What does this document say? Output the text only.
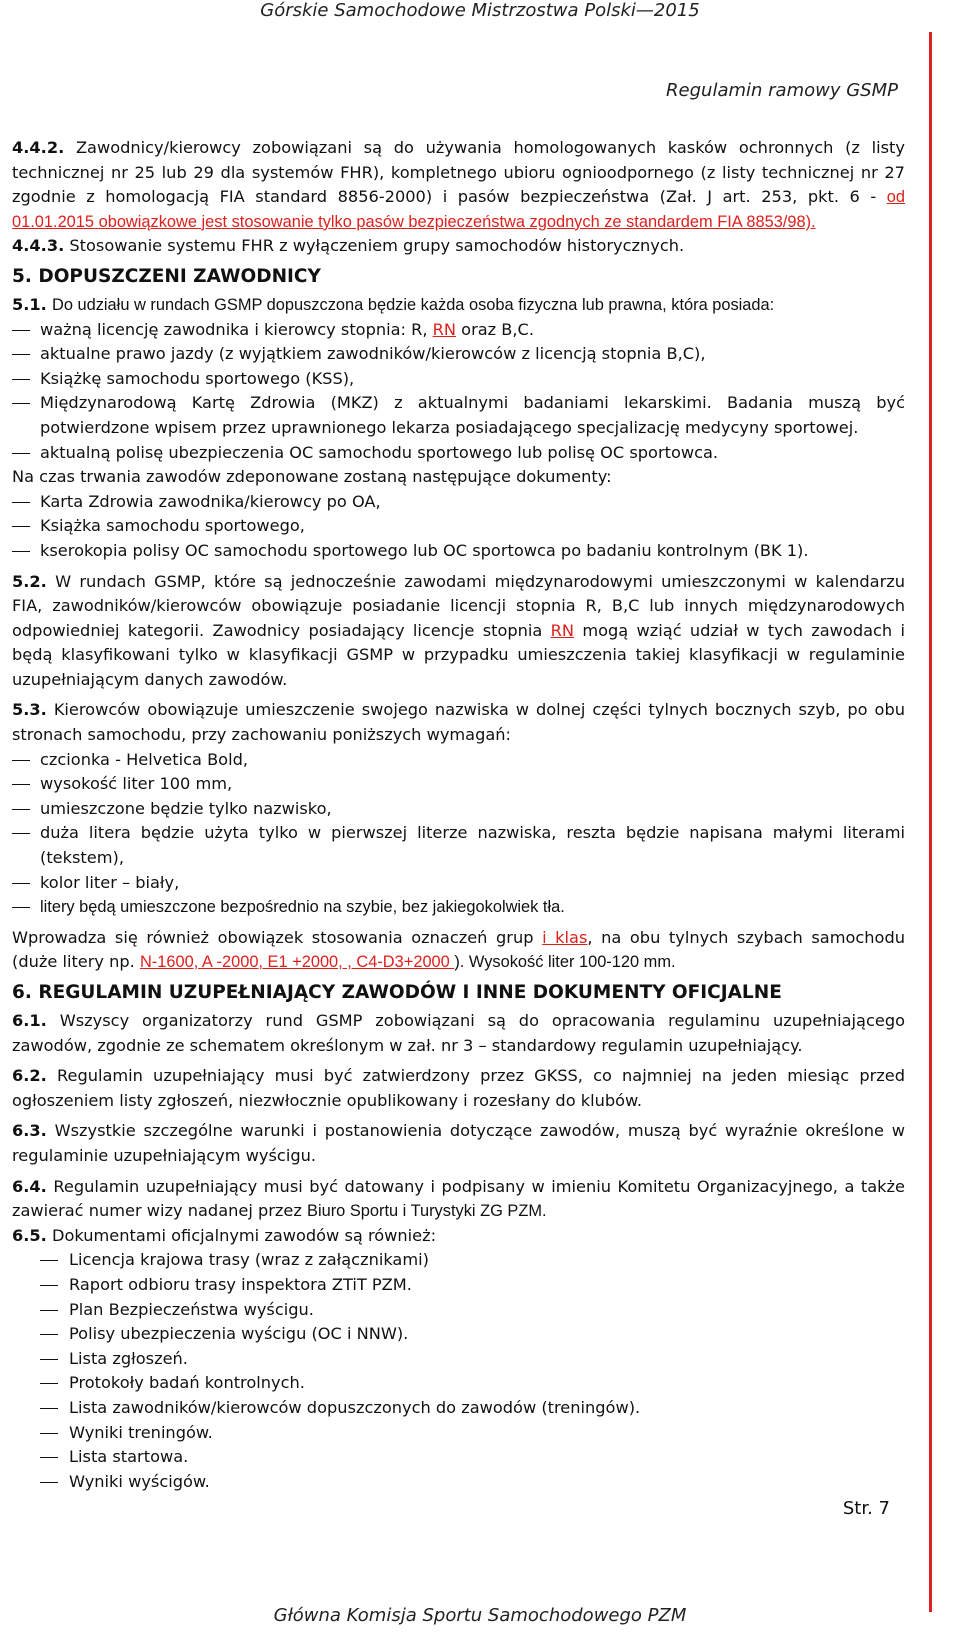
Górskie Samochodowe Mistrzostwa Polski—2015
Regulamin ramowy GSMP

4.4.2. Zawodnicy/kierowcy zobowiązani są do używania homologowanych kasków ochronnych (z listy technicznej nr 25 lub 29 dla systemów FHR), kompletnego ubioru ognioodpornego (z listy technicznej nr 27 zgodnie z homologacją FIA standard 8856-2000) i pasów bezpieczeństwa (Zał. J art. 253, pkt. 6 - od 01.01.2015 obowiązkowe jest stosowanie tylko pasów bezpieczeństwa zgodnych ze standardem FIA 8853/98).

4.4.3. Stosowanie systemu FHR z wyłączeniem grupy samochodów historycznych.

5. DOPUSZCZENI ZAWODNICY

5.1. Do udziału w rundach GSMP dopuszczona będzie każda osoba fizyczna lub prawna, która posiada:

ważną licencję zawodnika i kierowcy stopnia: R, RN oraz B,C.
aktualne prawo jazdy (z wyjątkiem zawodników/kierowców z licencją stopnia B,C),
Książkę samochodu sportowego (KSS),
Międzynarodową Kartę Zdrowia (MKZ) z aktualnymi badaniami lekarskimi. Badania muszą być potwierdzone wpisem przez uprawnionego lekarza posiadającego specjalizację medycyny sportowej.
aktualną polisę ubezpieczenia OC samochodu sportowego lub polisę OC sportowca.

Na czas trwania zawodów zdeponowane zostaną następujące dokumenty:

Karta Zdrowia zawodnika/kierowcy po OA,
Książka samochodu sportowego,
kserokopia polisy OC samochodu sportowego lub OC sportowca po badaniu kontrolnym (BK 1).

5.2. W rundach GSMP, które są jednocześnie zawodami międzynarodowymi umieszczonymi w kalendarzu FIA, zawodników/kierowców obowiązuje posiadanie licencji stopnia R, B,C lub innych międzynarodowych odpowiedniej kategorii. Zawodnicy posiadający licencje stopnia RN mogą wziąć udział w tych zawodach i będą klasyfikowani tylko w klasyfikacji GSMP w przypadku umieszczenia takiej klasyfikacji w regulaminie uzupełniającym danych zawodów.

5.3. Kierowców obowiązuje umieszczenie swojego nazwiska w dolnej części tylnych bocznych szyb, po obu stronach samochodu, przy zachowaniu poniższych wymagań:

czcionka - Helvetica Bold,
wysokość liter 100 mm,
umieszczone będzie tylko nazwisko,
duża litera będzie użyta tylko w pierwszej literze nazwiska, reszta będzie napisana małymi literami (tekstem),
kolor liter – biały,
litery będą umieszczone bezpośrednio na szybie, bez jakiegokolwiek tła.

Wprowadza się również obowiązek stosowania oznaczeń grup i klas, na obu tylnych szybach samochodu (duże litery np. N-1600, A -2000, E1 +2000, , C4-D3+2000 ). Wysokość liter 100-120 mm.

6. REGULAMIN UZUPEŁNIAJĄCY ZAWODÓW I INNE DOKUMENTY OFICJALNE

6.1. Wszyscy organizatorzy rund GSMP zobowiązani są do opracowania regulaminu uzupełniającego zawodów, zgodnie ze schematem określonym w zał. nr 3 – standardowy regulamin uzupełniający.

6.2. Regulamin uzupełniający musi być zatwierdzony przez GKSS, co najmniej na jeden miesiąc przed ogłoszeniem listy zgłoszeń, niezwłocznie opublikowany i rozesłany do klubów.

6.3. Wszystkie szczególne warunki i postanowienia dotyczące zawodów, muszą być wyraźnie określone w regulaminie uzupełniającym wyścigu.

6.4. Regulamin uzupełniający musi być datowany i podpisany w imieniu Komitetu Organizacyjnego, a także zawierać numer wizy nadanej przez Biuro Sportu i Turystyki ZG PZM.

6.5. Dokumentami oficjalnymi zawodów są również:

Licencja krajowa trasy (wraz z załącznikami)
Raport odbioru trasy inspektora ZTiT PZM.
Plan Bezpieczeństwa wyścigu.
Polisy ubezpieczenia wyścigu (OC i NNW).
Lista zgłoszeń.
Protokoły badań kontrolnych.
Lista zawodników/kierowców dopuszczonych do zawodów (treningów).
Wyniki treningów.
Lista startowa.
Wyniki wyścigów.
Str. 7
Główna Komisja Sportu Samochodowego PZM
